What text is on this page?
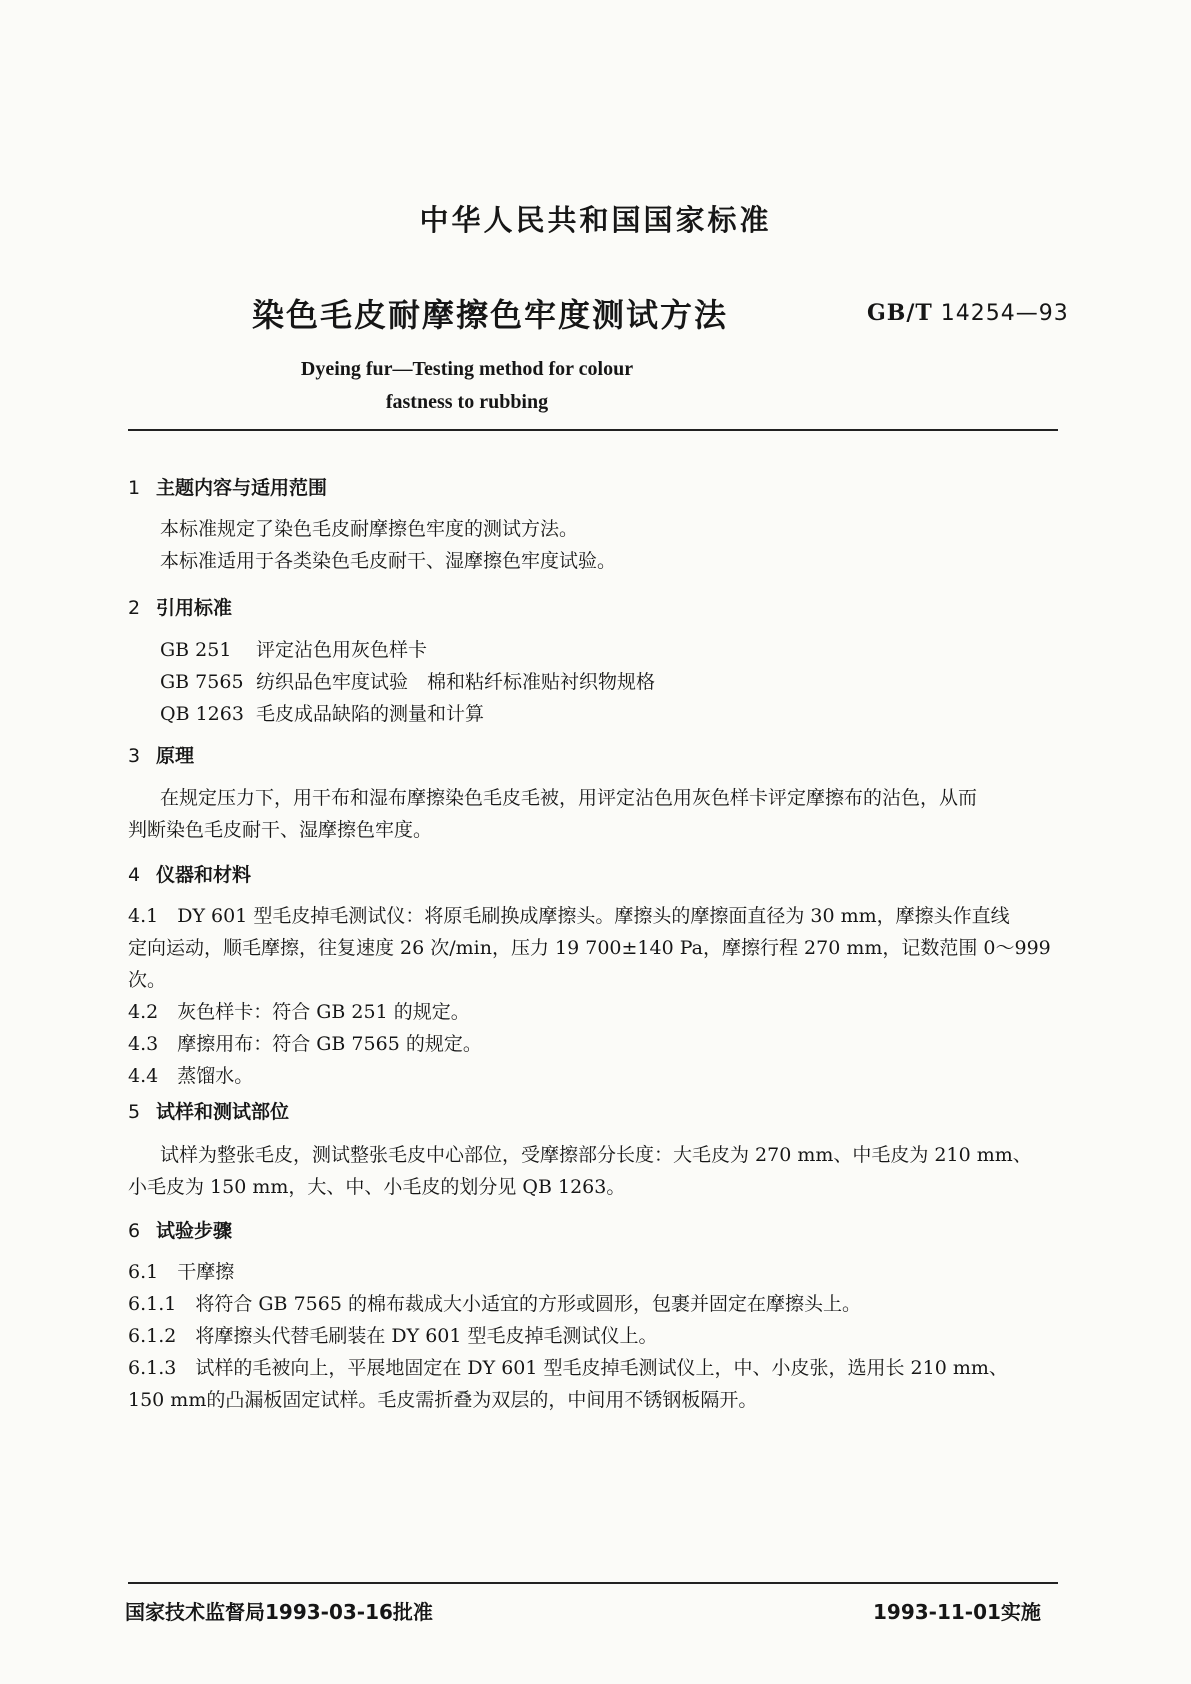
中华人民共和国国家标准
染色毛皮耐摩擦色牢度测试方法	GB/T 14254—93
Dyeing fur—Testing method for colour
fastness to rubbing
1 主题内容与适用范围
本标准规定了染色毛皮耐摩擦色牢度的测试方法。
本标准适用于各类染色毛皮耐干、湿摩擦色牢度试验。
2 引用标准
GB 251 评定沾色用灰色样卡
GB 7565 纺织品色牢度试验　棉和粘纤标准贴衬织物规格
QB 1263 毛皮成品缺陷的测量和计算
3 原理
在规定压力下，用干布和湿布摩擦染色毛皮毛被，用评定沾色用灰色样卡评定摩擦布的沾色，从而
判断染色毛皮耐干、湿摩擦色牢度。
4 仪器和材料
4.1　DY 601 型毛皮掉毛测试仪：将原毛刷换成摩擦头。摩擦头的摩擦面直径为 30 mm，摩擦头作直线
定向运动，顺毛摩擦，往复速度 26 次/min，压力 19 700±140 Pa，摩擦行程 270 mm，记数范围 0～999
次。
4.2　灰色样卡：符合 GB 251 的规定。
4.3　摩擦用布：符合 GB 7565 的规定。
4.4　蒸馏水。
5 试样和测试部位
试样为整张毛皮，测试整张毛皮中心部位，受摩擦部分长度：大毛皮为 270 mm、中毛皮为 210 mm、
小毛皮为 150 mm，大、中、小毛皮的划分见 QB 1263。
6 试验步骤
6.1　干摩擦
6.1.1　将符合 GB 7565 的棉布裁成大小适宜的方形或圆形，包裹并固定在摩擦头上。
6.1.2　将摩擦头代替毛刷装在 DY 601 型毛皮掉毛测试仪上。
6.1.3　试样的毛被向上，平展地固定在 DY 601 型毛皮掉毛测试仪上，中、小皮张，选用长 210 mm、
150 mm的凸漏板固定试样。毛皮需折叠为双层的，中间用不锈钢板隔开。
国家技术监督局1993-03-16批准	1993-11-01实施
